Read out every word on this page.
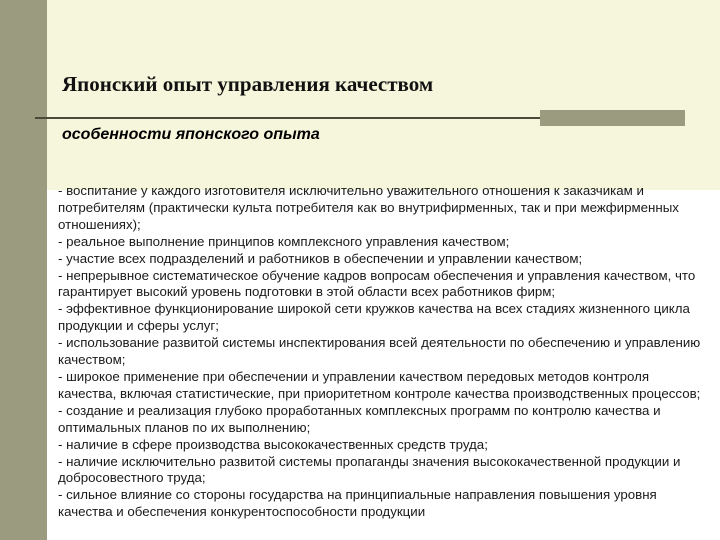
Японский опыт управления качеством
особенности японского опыта

- воспитание у каждого изготовителя исключительно уважительного отношения к заказчикам и потребителям (практически культа потребителя как во внутрифирменных, так и при межфирменных отношениях);

- реальное выполнение принципов комплексного управления качеством;

- участие всех подразделений и работников в обеспечении и управлении качеством;

- непрерывное систематическое обучение кадров вопросам обеспечения и управления качеством, что гарантирует высокий уровень подготовки в этой области всех работников фирм;

- эффективное функционирование широкой сети кружков качества на всех стадиях жизненного цикла продукции и сферы услуг;

- использование развитой системы инспектирования всей деятельности по обеспечению и управлению качеством;

- широкое применение при обеспечении и управлении качеством передовых методов контроля качества, включая статистические, при приоритетном контроле качества производственных процессов;

- создание и реализация глубоко проработанных комплексных программ по контролю качества и оптимальных планов по их выполнению;

- наличие в сфере производства высококачественных средств труда;

- наличие исключительно развитой системы пропаганды значения высококачественной продукции и добросовестного труда;

- сильное влияние со стороны государства на принципиальные направления повышения уровня качества и обеспечения конкурентоспособности продукции
